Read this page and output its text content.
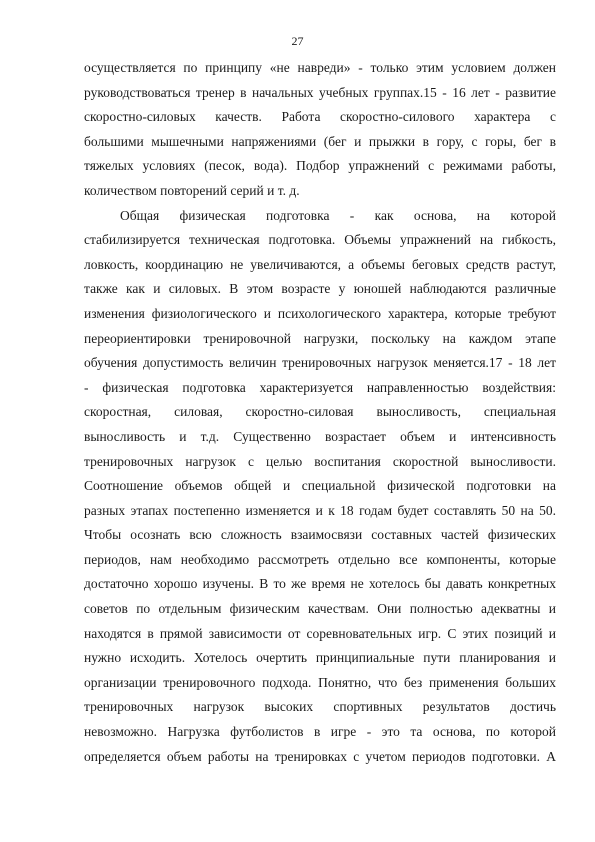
27
осуществляется по принципу «не навреди» - только этим условием должен
руководствоваться тренер в начальных учебных группах.15 - 16 лет - развитие
скоростно-силовых качеств. Работа скоростно-силового характера с
большими мышечными напряжениями (бег и прыжки в гору, с горы, бег в
тяжелых условиях (песок, вода). Подбор упражнений с режимами работы,
количеством повторений серий и т. д.
Общая физическая подготовка - как основа, на которой
стабилизируется техническая подготовка. Объемы упражнений на гибкость,
ловкость, координацию не увеличиваются, а объемы беговых средств растут,
также как и силовых. В этом возрасте у юношей наблюдаются различные
изменения физиологического и психологического характера, которые требуют
переориентировки тренировочной нагрузки, поскольку на каждом этапе
обучения допустимость величин тренировочных нагрузок меняется.17 - 18 лет
- физическая подготовка характеризуется направленностью воздействия:
скоростная, силовая, скоростно-силовая выносливость, специальная
выносливость и т.д. Существенно возрастает объем и интенсивность
тренировочных нагрузок с целью воспитания скоростной выносливости.
Соотношение объемов общей и специальной физической подготовки на
разных этапах постепенно изменяется и к 18 годам будет составлять 50 на 50.
Чтобы осознать всю сложность взаимосвязи составных частей физических
периодов, нам необходимо рассмотреть отдельно все компоненты, которые
достаточно хорошо изучены. В то же время не хотелось бы давать конкретных
советов по отдельным физическим качествам. Они полностью адекватны и
находятся в прямой зависимости от соревновательных игр. С этих позиций и
нужно исходить. Хотелось очертить принципиальные пути планирования и
организации тренировочного подхода. Понятно, что без применения больших
тренировочных нагрузок высоких спортивных результатов достичь
невозможно. Нагрузка футболистов в игре - это та основа, по которой
определяется объем работы на тренировках с учетом периодов подготовки. А
